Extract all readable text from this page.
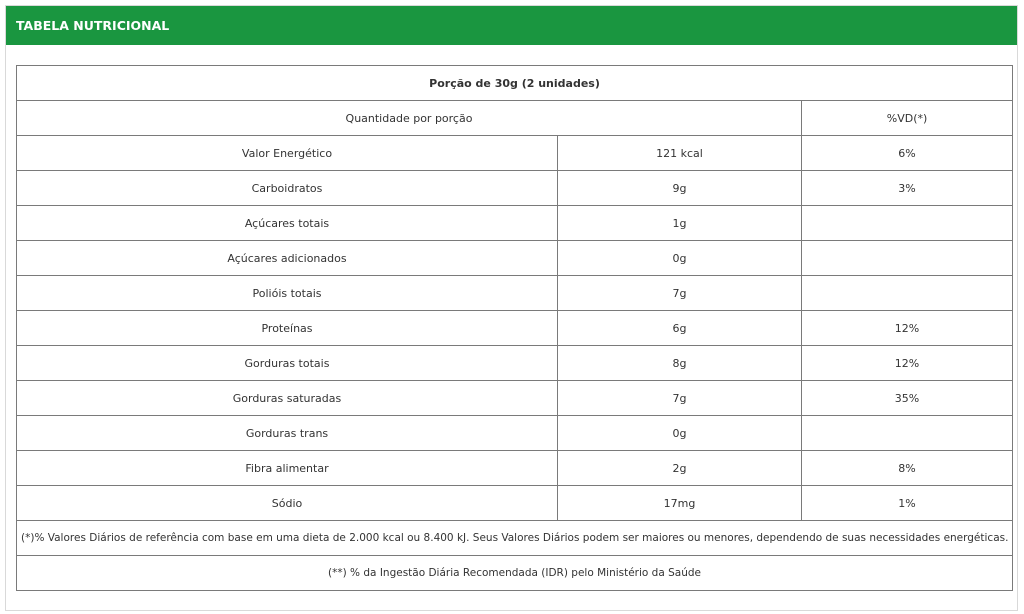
TABELA NUTRICIONAL
Porção de 30g (2 unidades)		
Quantidade por porção		%VD(*)
Valor Energético	121 kcal	6%
Carboidratos	9g	3%
Açúcares totais	1g	
Açúcares adicionados	0g	
Polióis totais	7g	
Proteínas	6g	12%
Gorduras totais	8g	12%
Gorduras saturadas	7g	35%
Gorduras trans	0g	
Fibra alimentar	2g	8%
Sódio	17mg	1%
(*)% Valores Diários de referência com base em uma dieta de 2.000 kcal ou 8.400 kJ. Seus Valores Diários podem ser maiores ou menores, dependendo de suas necessidades energéticas.		
(**) % da Ingestão Diária Recomendada (IDR) pelo Ministério da Saúde		
